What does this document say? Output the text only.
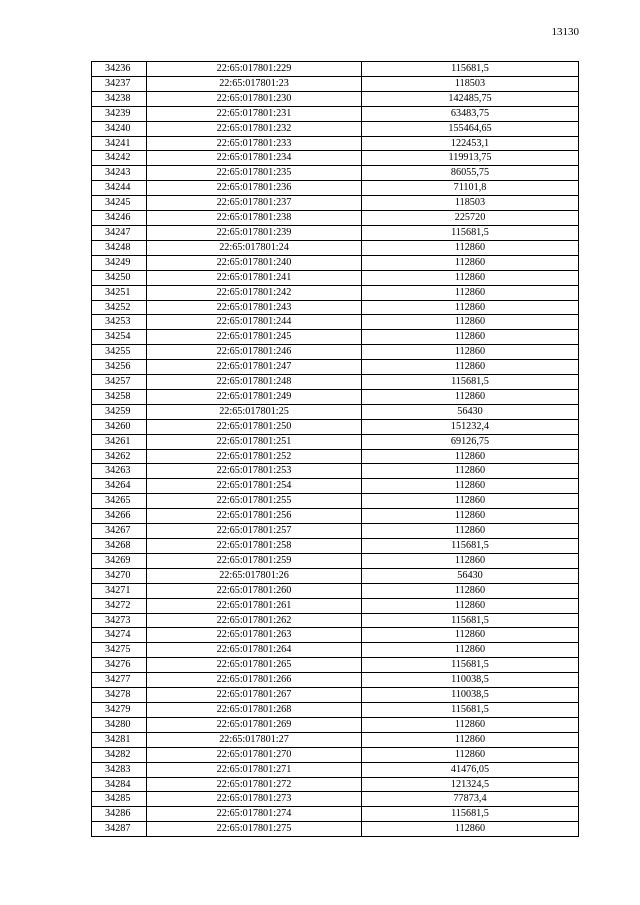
13130
34236	22:65:017801:229	115681,5
34237	22:65:017801:23	118503
34238	22:65:017801:230	142485,75
34239	22:65:017801:231	63483,75
34240	22:65:017801:232	155464,65
34241	22:65:017801:233	122453,1
34242	22:65:017801:234	119913,75
34243	22:65:017801:235	86055,75
34244	22:65:017801:236	71101,8
34245	22:65:017801:237	118503
34246	22:65:017801:238	225720
34247	22:65:017801:239	115681,5
34248	22:65:017801:24	112860
34249	22:65:017801:240	112860
34250	22:65:017801:241	112860
34251	22:65:017801:242	112860
34252	22:65:017801:243	112860
34253	22:65:017801:244	112860
34254	22:65:017801:245	112860
34255	22:65:017801:246	112860
34256	22:65:017801:247	112860
34257	22:65:017801:248	115681,5
34258	22:65:017801:249	112860
34259	22:65:017801:25	56430
34260	22:65:017801:250	151232,4
34261	22:65:017801:251	69126,75
34262	22:65:017801:252	112860
34263	22:65:017801:253	112860
34264	22:65:017801:254	112860
34265	22:65:017801:255	112860
34266	22:65:017801:256	112860
34267	22:65:017801:257	112860
34268	22:65:017801:258	115681,5
34269	22:65:017801:259	112860
34270	22:65:017801:26	56430
34271	22:65:017801:260	112860
34272	22:65:017801:261	112860
34273	22:65:017801:262	115681,5
34274	22:65:017801:263	112860
34275	22:65:017801:264	112860
34276	22:65:017801:265	115681,5
34277	22:65:017801:266	110038,5
34278	22:65:017801:267	110038,5
34279	22:65:017801:268	115681,5
34280	22:65:017801:269	112860
34281	22:65:017801:27	112860
34282	22:65:017801:270	112860
34283	22:65:017801:271	41476,05
34284	22:65:017801:272	121324,5
34285	22:65:017801:273	77873,4
34286	22:65:017801:274	115681,5
34287	22:65:017801:275	112860
